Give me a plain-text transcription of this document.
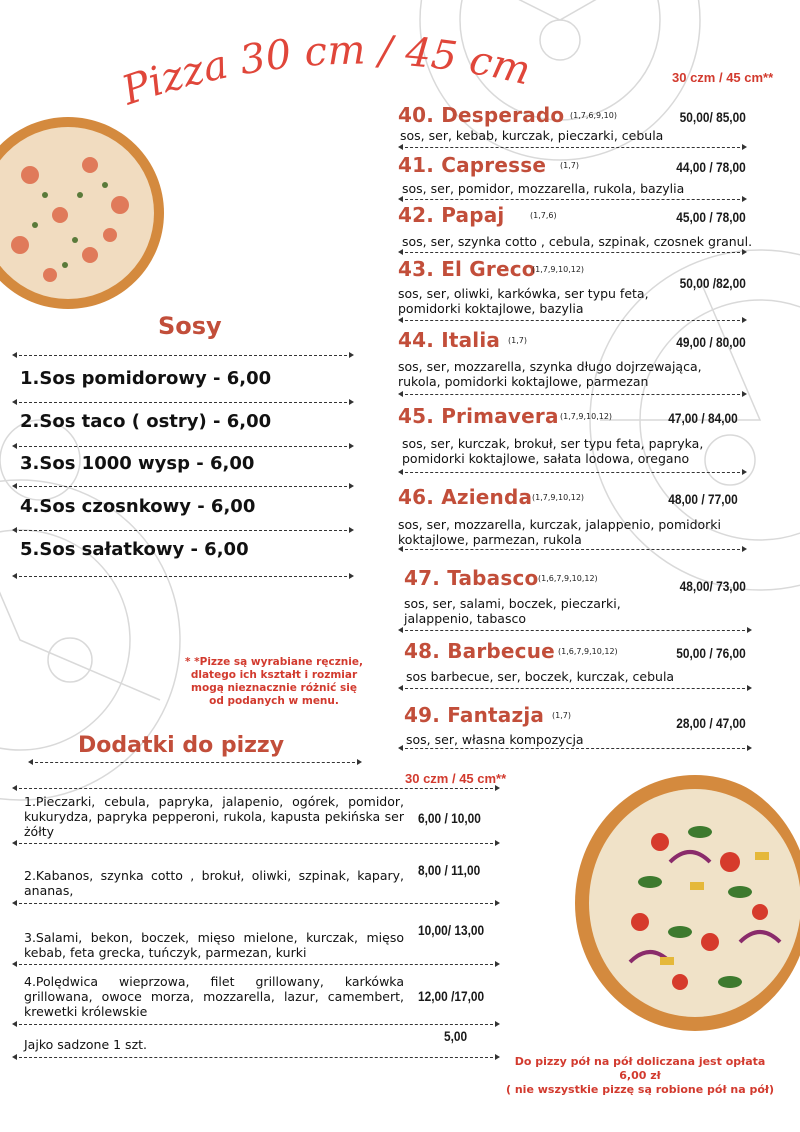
Pizza 30 cm / 45 cm	30 czm / 45 cm**
40. Desperado (1,7,6,9,10)	50,00/ 85,00
sos, ser, kebab, kurczak, pieczarki, cebula
41. Capresse (1,7)	44,00 / 78,00
sos, ser, pomidor, mozzarella, rukola, bazylia
42. Papaj	(1,7,6)	45,00 / 78,00
sos, ser, szynka cotto , cebula, szpinak, czosnek granul.
43. El Greco
(1,7,9,10,12)
50,00 /82,00
sos, ser, oliwki, karkówka, ser typu feta, pomidorki koktajlowe, bazylia
44. Italia (1,7)	49,00 / 80,00
sos, ser, mozzarella, szynka długo dojrzewająca, rukola, pomidorki koktajlowe, parmezan
45. Primavera (1,7,9,10,12)	47,00 / 84,00
sos, ser, kurczak, brokuł, ser typu feta, papryka, pomidorki koktajlowe, sałata lodowa, oregano
46. Azienda (1,7,9,10,12)	48,00 / 77,00
sos, ser, mozzarella, kurczak, jalappenio, pomidorki koktajlowe, parmezan, rukola
47. Tabasco (1,6,7,9,10,12)	48,00/ 73,00
sos, ser, salami, boczek, pieczarki, jalappenio, tabasco
48. Barbecue (1,6,7,9,10,12)	50,00 / 76,00
sos barbecue, ser, boczek, kurczak, cebula
49. Fantazja (1,7)	28,00 / 47,00
sos, ser, własna kompozycja
Sosy
1.Sos pomidorowy - 6,00
2.Sos taco ( ostry) - 6,00
3.Sos 1000 wysp - 6,00
4.Sos czosnkowy - 6,00
5.Sos sałatkowy - 6,00
* *Pizze są wyrabiane ręcznie, dlatego ich kształt i rozmiar mogą nieznacznie różnić się od podanych w menu.
Dodatki do pizzy
30 czm / 45 cm**
1.Pieczarki, cebula, papryka, jalapenio, ogórek, pomidor, kukurydza, papryka pepperoni, rukola, kapusta pekińska ser żółty
6,00 / 10,00
2.Kabanos, szynka cotto , brokuł, oliwki, szpinak, kapary, ananas,
8,00 / 11,00
3.Salami, bekon, boczek, mięso mielone, kurczak, mięso kebab, feta grecka, tuńczyk, parmezan, kurki
10,00/ 13,00
4.Polędwica wieprzowa, filet grillowany, karkówka grillowana, owoce morza, mozzarella, lazur, camembert, krewetki królewskie
12,00 /17,00
Jajko sadzone 1 szt.
5,00
Do pizzy pół na pół doliczana jest opłata
6,00 zł
( nie wszystkie pizzę są robione pół na pół)
